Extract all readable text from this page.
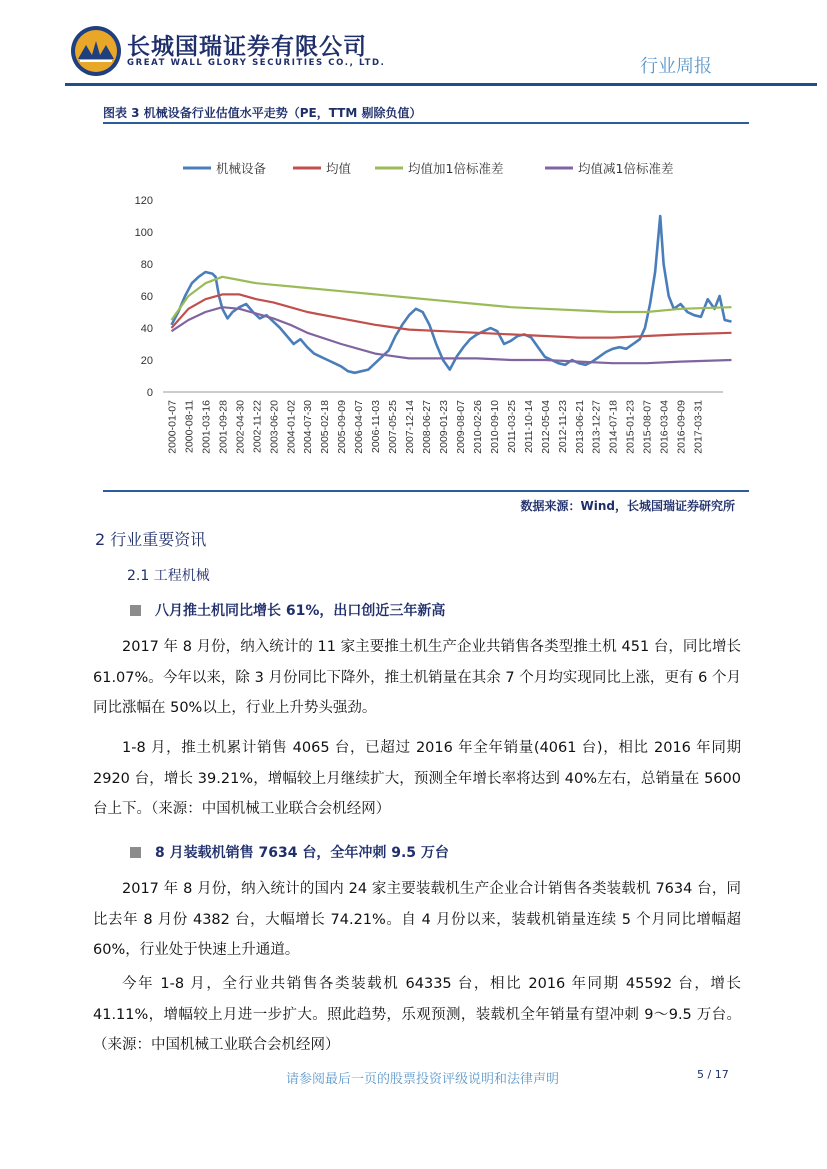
长城国瑞证券有限公司
GREAT WALL GLORY SECURITIES CO., LTD.	行业周报
图表 3 机械设备行业估值水平走势（PE，TTM 剔除负值）
0
20
40
60
80
100
120
2000-01-07 2000-08-11 2001-03-16 2001-09-28 2002-04-30 2002-11-22 2003-06-20 2004-01-02 2004-07-30 2005-02-18 2005-09-09 2006-04-07 2006-11-03 2007-05-25 2007-12-14 2008-06-27 2009-01-23 2009-08-07 2010-02-26 2010-09-10 2011-03-25 2011-10-14 2012-05-04 2012-11-23 2013-06-21 2013-12-27 2014-07-18 2015-01-23 2015-08-07 2016-03-04 2016-09-09 2017-03-31
机械设备	均值	均值加1倍标准差	均值减1倍标准差
数据来源：Wind，长城国瑞证券研究所
2 行业重要资讯
2.1 工程机械
八月推土机同比增长 61%，出口创近三年新高
2017 年 8 月份，纳入统计的 11 家主要推土机生产企业共销售各类型推土机 451 台，同比增长 61.07%。今年以来，除 3 月份同比下降外，推土机销量在其余 7 个月均实现同比上涨，更有 6 个月同比涨幅在 50%以上，行业上升势头强劲。
1-8 月，推土机累计销售 4065 台，已超过 2016 年全年销量(4061 台)，相比 2016 年同期 2920 台，增长 39.21%，增幅较上月继续扩大，预测全年增长率将达到 40%左右，总销量在 5600 台上下。（来源：中国机械工业联合会机经网）
8 月装载机销售 7634 台，全年冲刺 9.5 万台
2017 年 8 月份，纳入统计的国内 24 家主要装载机生产企业合计销售各类装载机 7634 台，同比去年 8 月份 4382 台，大幅增长 74.21%。自 4 月份以来，装载机销量连续 5 个月同比增幅超 60%，行业处于快速上升通道。
今年 1-8 月，全行业共销售各类装载机 64335 台，相比 2016 年同期 45592 台，增长 41.11%，增幅较上月进一步扩大。照此趋势，乐观预测，装载机全年销量有望冲刺 9～9.5 万台。（来源：中国机械工业联合会机经网）
请参阅最后一页的股票投资评级说明和法律声明	5 / 17
